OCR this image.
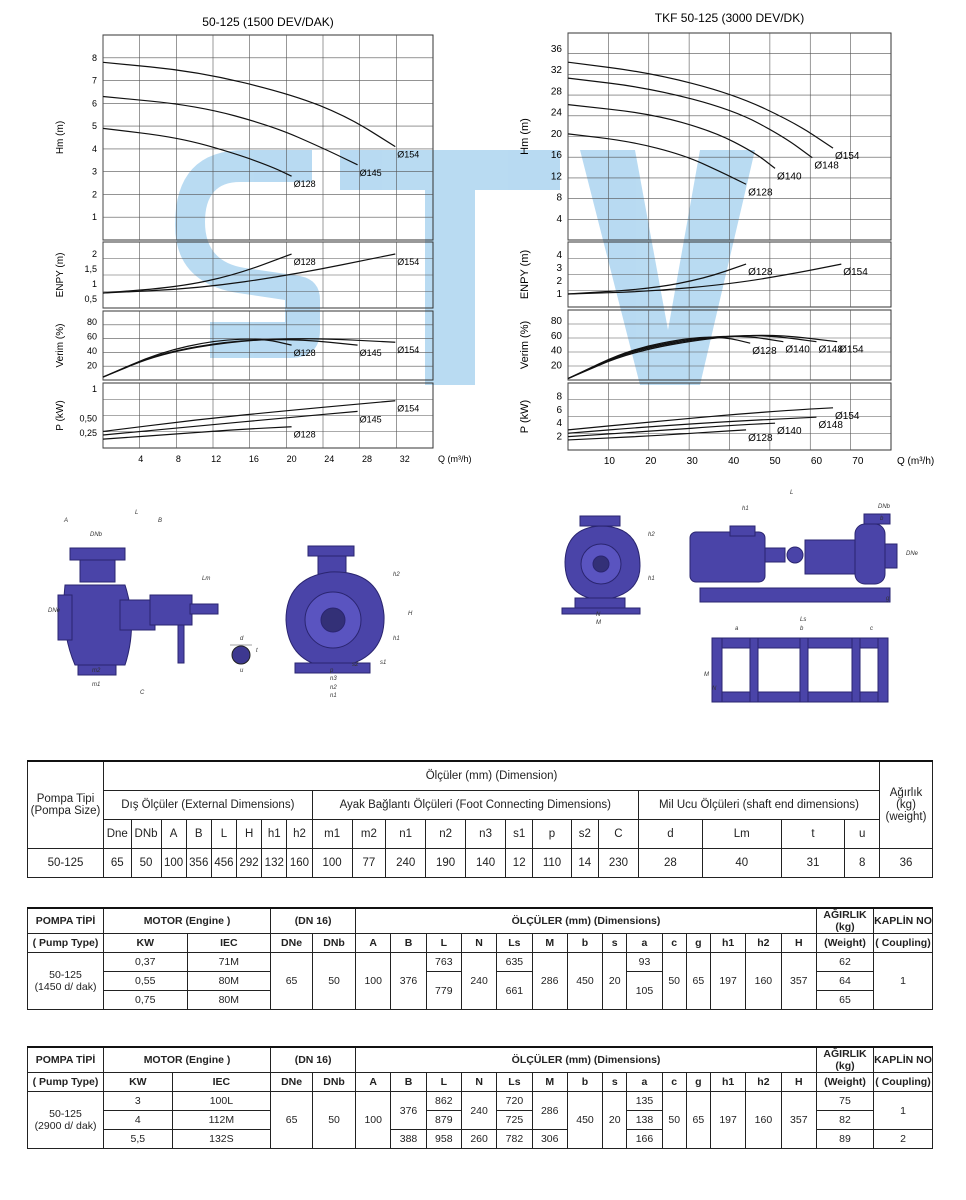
50-125 (1500 DEV/DAK)
1
2
3
4
5
6
7
8
Hm (m)
Ø154
Ø145
Ø128
0,5
1
1,5
2
ENPY (m)	Ø154
Ø128
20
40
60
80
Verim (%)	Ø154
Ø145
Ø128
0,25
0,50
1
P (kW)	Ø154
Ø145
Ø128
4	8	12	16	20	24	28	32	Q (m³/h)
TKF 50-125 (3000 DEV/DK)
4
8
12
16
20
24
28
32
36
Hm (m)
Ø154
Ø148
Ø140
Ø128
1
2
3
4
ENPY (m)	Ø154
Ø128
20
40
60
80
Verim (%)	Ø154
Ø148
Ø140
Ø128
2
4
6
8
P (kW)	Ø154
Ø148
Ø140
Ø128
10	20	30	40	50	60	70	Q (m³/h)
A
DNb
L
B
Lm
DNe
m2
m1
C
d
t
u
h2
H
h1
s1
s2
p
n3
n2
n1
h2
h1
N
M
L
DNb
DNe
b
g
h1
Ls
a	b	c
M
N
Pompa Tipi
(Pompa Size)	Ölçüler (mm) (Dimension)																					Ağırlık (kg)
(weight)
	Dış Ölçüler (External Dimensions)								Ayak Bağlantı Ölçüleri (Foot Connecting Dimensions)									Mil Ucu Ölçüleri (shaft end dimensions)				
	Dne	DNb	A	B	L	H	h1	h2	m1	m2	n1	n2	n3	s1	p	s2	C	d	Lm	t	u	
50-125	65	50	100	356	456	292	132	160	100	77	240	190	140	12	110	14	230	28	40	31	8	36
POMPA TİPİ	MOTOR (Engine )		(DN 16)		ÖLÇÜLER (mm) (Dimensions)														AĞIRLIK (kg)	KAPLİN NO
( Pump Type)	KW	IEC	DNe	DNb	A	B	L	N	Ls	M	b	s	a	c	g	h1	h2	H	(Weight)	( Coupling)
50-125
(1450 d/ dak)	0,37	71M	65	50	100	376	763	240	635	286	450	20	93	50	65	197	160	357	62	1
	0,55	80M					779		661				105						64	
	0,75	80M																	65	
POMPA TİPİ	MOTOR (Engine )		(DN 16)		ÖLÇÜLER (mm) (Dimensions)														AĞIRLIK (kg)	KAPLİN NO
( Pump Type)	KW	IEC	DNe	DNb	A	B	L	N	Ls	M	b	s	a	c	g	h1	h2	H	(Weight)	( Coupling)
50-125
(2900 d/ dak)	3	100L	65	50	100	376	862	240	720	286	450	20	135	50	65	197	160	357	75	1
	4	112M					879		725				138						82	
	5,5	132S				388	958	260	782	306			166						89	2
